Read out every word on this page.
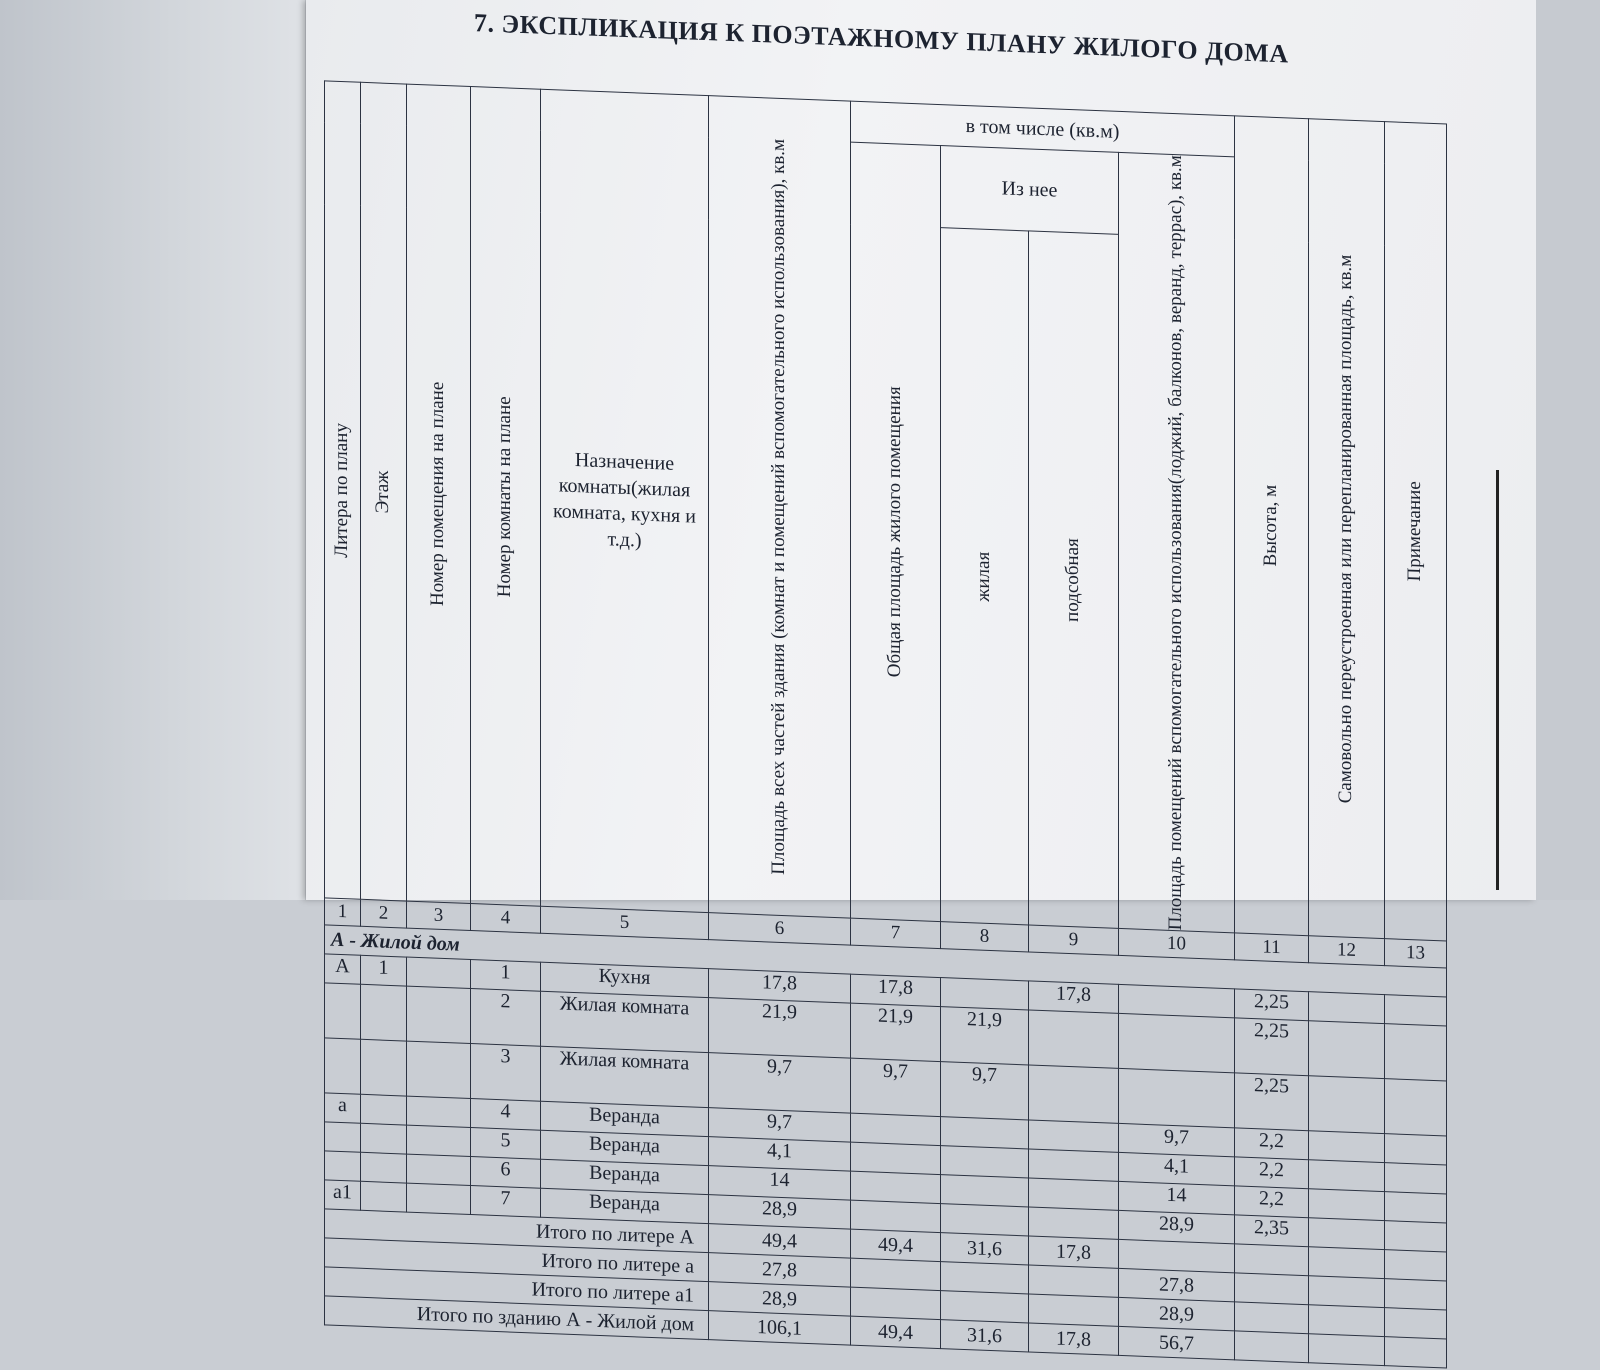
7. ЭКСПЛИКАЦИЯ К ПОЭТАЖНОМУ ПЛАНУ ЖИЛОГО ДОМА
Литера по плану	Этаж	Номер помещения на плане	Номер комнаты на плане	Назначение комнаты(жилая комната, кухня и т.д.)	Площадь всех частей здания (комнат и помещений вспомогательного использования), кв.м	в том числе (кв.м)				Высота, м	Самовольно переустроенная или перепланированная площадь, кв.м	Примечание

						Общая площадь жилого помещения	Из нее		Площадь помещений вспомогательного использования(лоджий, балконов, веранд, террас), кв.м			

							жилая	подсобная				

1	2	3	4	5	6	7	8	9	10	11	12	13
А - Жилой дом												
А	1		1	Кухня	17,8	17,8		17,8		2,25		
			2	Жилая комната	21,9	21,9	21,9			2,25		
			3	Жилая комната	9,7	9,7	9,7			2,25		
а			4	Веранда	9,7				9,7	2,2		
			5	Веранда	4,1				4,1	2,2		
			6	Веранда	14				14	2,2		
а1			7	Веранда	28,9				28,9	2,35		
Итого по литере А					49,4	49,4	31,6	17,8				
Итого по литере а					27,8				27,8			
Итого по литере а1					28,9				28,9			
Итого по зданию А - Жилой дом					106,1	49,4	31,6	17,8	56,7			
